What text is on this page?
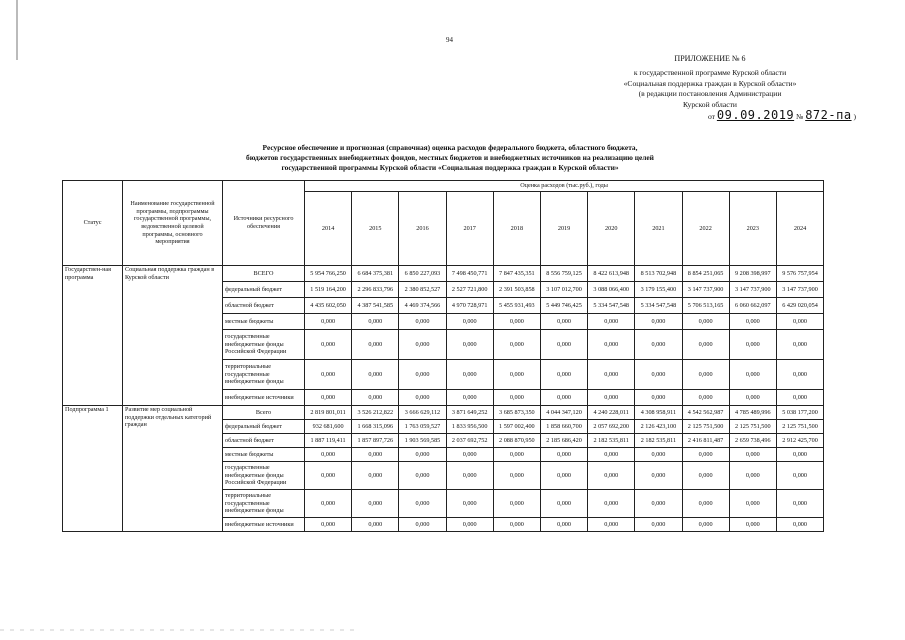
94
ПРИЛОЖЕНИЕ № 6
к государственной программе Курской области
«Социальная поддержка граждан в Курской области»
(в редакции постановления Администрации
Курской области
от 09.09.2019 № 872-па )
Ресурсное обеспечение и прогнозная (справочная) оценка расходов федерального бюджета, областного бюджета,
бюджетов государственных внебюджетных фондов, местных бюджетов и внебюджетных источников на реализацию целей
государственной программы Курской области «Социальная поддержка граждан в Курской области»
Статус	Наименование государственной программы, подпрограммы государственной программы, ведомственной целевой программы, основного мероприятия	Источники ресурсного обеспечения	Оценка расходов (тыс.руб.), годы										
			2014	2015	2016	2017	2018	2019	2020	2021	2022	2023	2024
Государствен-ная программа	Социальная поддержка граждан в Курской области	ВСЕГО	5 954 766,250	6 684 375,381	6 850 227,093	7 498 450,771	7 847 435,351	8 556 759,125	8 422 613,948	8 513 702,948	8 854 251,065	9 208 398,997	9 576 757,954
		федеральный бюджет	1 519 164,200	2 296 833,796	2 380 852,527	2 527 721,800	2 391 503,858	3 107 012,700	3 088 066,400	3 179 155,400	3 147 737,900	3 147 737,900	3 147 737,900
		областной бюджет	4 435 602,050	4 387 541,585	4 469 374,566	4 970 728,971	5 455 931,493	5 449 746,425	5 334 547,548	5 334 547,548	5 706 513,165	6 060 662,097	6 429 020,054
		местные бюджеты	0,000	0,000	0,000	0,000	0,000	0,000	0,000	0,000	0,000	0,000	0,000
		государственные внебюджетные фонды Российской Федерации	0,000	0,000	0,000	0,000	0,000	0,000	0,000	0,000	0,000	0,000	0,000
		территориальные государственные внебюджетные фонды	0,000	0,000	0,000	0,000	0,000	0,000	0,000	0,000	0,000	0,000	0,000
		внебюджетные источники	0,000	0,000	0,000	0,000	0,000	0,000	0,000	0,000	0,000	0,000	0,000
Подпрограмма 1	Развитие мер социальной поддержки отдельных категорий граждан	Всего	2 819 801,011	3 526 212,822	3 666 629,112	3 871 649,252	3 685 873,350	4 044 347,120	4 240 228,011	4 308 958,911	4 542 562,987	4 785 489,996	5 038 177,200
		федеральный бюджет	932 681,600	1 668 315,096	1 763 059,527	1 833 956,500	1 597 002,400	1 858 660,700	2 057 692,200	2 126 423,100	2 125 751,500	2 125 751,500	2 125 751,500
		областной бюджет	1 887 119,411	1 857 897,726	1 903 569,585	2 037 692,752	2 088 870,950	2 185 686,420	2 182 535,811	2 182 535,811	2 416 811,487	2 659 738,496	2 912 425,700
		местные бюджеты	0,000	0,000	0,000	0,000	0,000	0,000	0,000	0,000	0,000	0,000	0,000
		государственные внебюджетные фонды Российской Федерации	0,000	0,000	0,000	0,000	0,000	0,000	0,000	0,000	0,000	0,000	0,000
		территориальные государственные внебюджетные фонды	0,000	0,000	0,000	0,000	0,000	0,000	0,000	0,000	0,000	0,000	0,000
		внебюджетные источники	0,000	0,000	0,000	0,000	0,000	0,000	0,000	0,000	0,000	0,000	0,000
